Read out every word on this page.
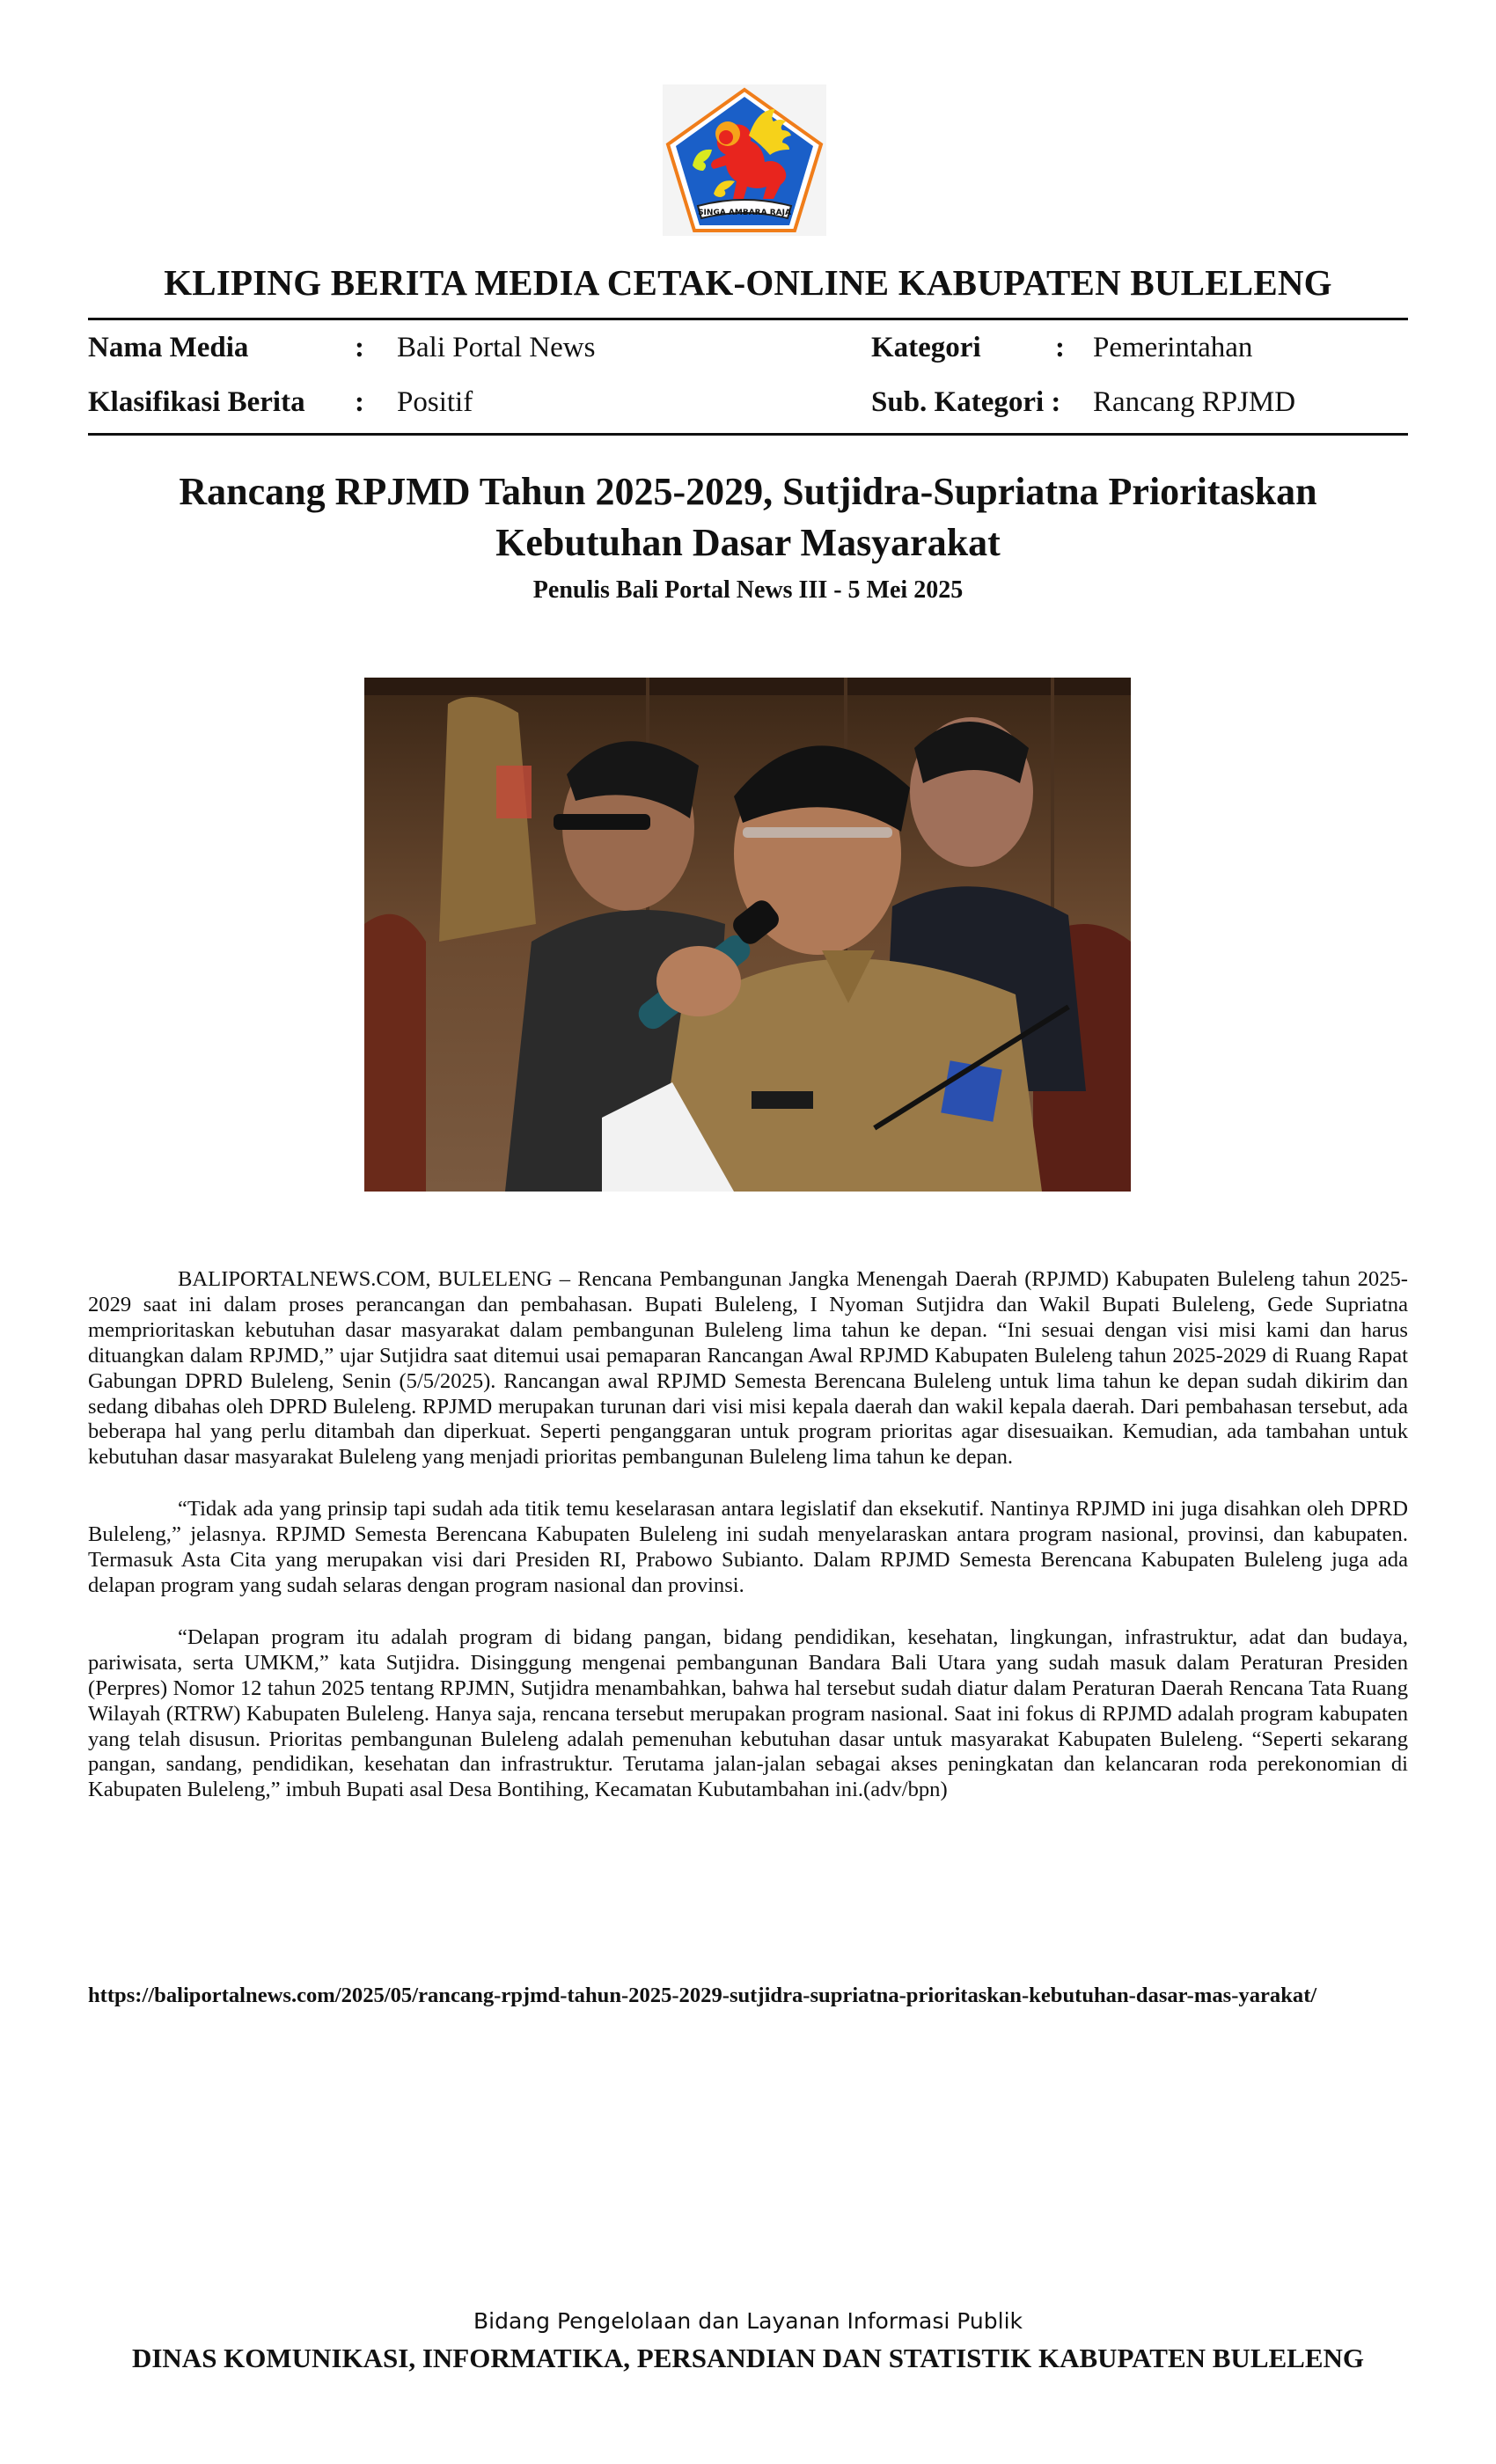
SINGA AMBARA RAJA
KLIPING BERITA MEDIA CETAK-ONLINE KABUPATEN BULELENG
Nama Media	: Bali Portal News
Klasifikasi Berita : Positif
Kategori	: Pemerintahan
Sub. Kategori : Rancang RPJMD
Rancang RPJMD Tahun 2025-2029, Sutjidra-Supriatna Prioritaskan
Kebutuhan Dasar Masyarakat
Penulis Bali Portal News III - 5 Mei 2025

BALIPORTALNEWS.COM, BULELENG – Rencana Pembangunan Jangka Menengah Daerah (RPJMD) Kabupaten Buleleng tahun 2025-2029 saat ini dalam proses perancangan dan pembahasan. Bupati Buleleng, I Nyoman Sutjidra dan Wakil Bupati Buleleng, Gede Supriatna memprioritaskan kebutuhan dasar masyarakat dalam pembangunan Buleleng lima tahun ke depan. “Ini sesuai dengan visi misi kami dan harus dituangkan dalam RPJMD,” ujar Sutjidra saat ditemui usai pemaparan Rancangan Awal RPJMD Kabupaten Buleleng tahun 2025-2029 di Ruang Rapat Gabungan DPRD Buleleng, Senin (5/5/2025). Rancangan awal RPJMD Semesta Berencana Buleleng untuk lima tahun ke depan sudah dikirim dan sedang dibahas oleh DPRD Buleleng. RPJMD merupakan turunan dari visi misi kepala daerah dan wakil kepala daerah. Dari pembahasan tersebut, ada beberapa hal yang perlu ditambah dan diperkuat. Seperti penganggaran untuk program prioritas agar disesuaikan. Kemudian, ada tambahan untuk kebutuhan dasar masyarakat Buleleng yang menjadi prioritas pembangunan Buleleng lima tahun ke depan.

“Tidak ada yang prinsip tapi sudah ada titik temu keselarasan antara legislatif dan eksekutif. Nantinya RPJMD ini juga disahkan oleh DPRD Buleleng,” jelasnya. RPJMD Semesta Berencana Kabupaten Buleleng ini sudah menyelaraskan antara program nasional, provinsi, dan kabupaten. Termasuk Asta Cita yang merupakan visi dari Presiden RI, Prabowo Subianto. Dalam RPJMD Semesta Berencana Kabupaten Buleleng juga ada delapan program yang sudah selaras dengan program nasional dan provinsi.

“Delapan program itu adalah program di bidang pangan, bidang pendidikan, kesehatan, lingkungan, infrastruktur, adat dan budaya, pariwisata, serta UMKM,” kata Sutjidra. Disinggung mengenai pembangunan Bandara Bali Utara yang sudah masuk dalam Peraturan Presiden (Perpres) Nomor 12 tahun 2025 tentang RPJMN, Sutjidra menambahkan, bahwa hal tersebut sudah diatur dalam Peraturan Daerah Rencana Tata Ruang Wilayah (RTRW) Kabupaten Buleleng. Hanya saja, rencana tersebut merupakan program nasional. Saat ini fokus di RPJMD adalah program kabupaten yang telah disusun. Prioritas pembangunan Buleleng adalah pemenuhan kebutuhan dasar untuk masyarakat Kabupaten Buleleng. “Seperti sekarang pangan, sandang, pendidikan, kesehatan dan infrastruktur. Terutama jalan-jalan sebagai akses peningkatan dan kelancaran roda perekonomian di Kabupaten Buleleng,” imbuh Bupati asal Desa Bontihing, Kecamatan Kubutambahan ini.(adv/bpn)

https://baliportalnews.com/2025/05/rancang-rpjmd-tahun-2025-2029-sutjidra-supriatna-prioritaskan-kebutuhan-dasar-mas-yarakat/
Bidang Pengelolaan dan Layanan Informasi Publik
DINAS KOMUNIKASI, INFORMATIKA, PERSANDIAN DAN STATISTIK KABUPATEN BULELENG
